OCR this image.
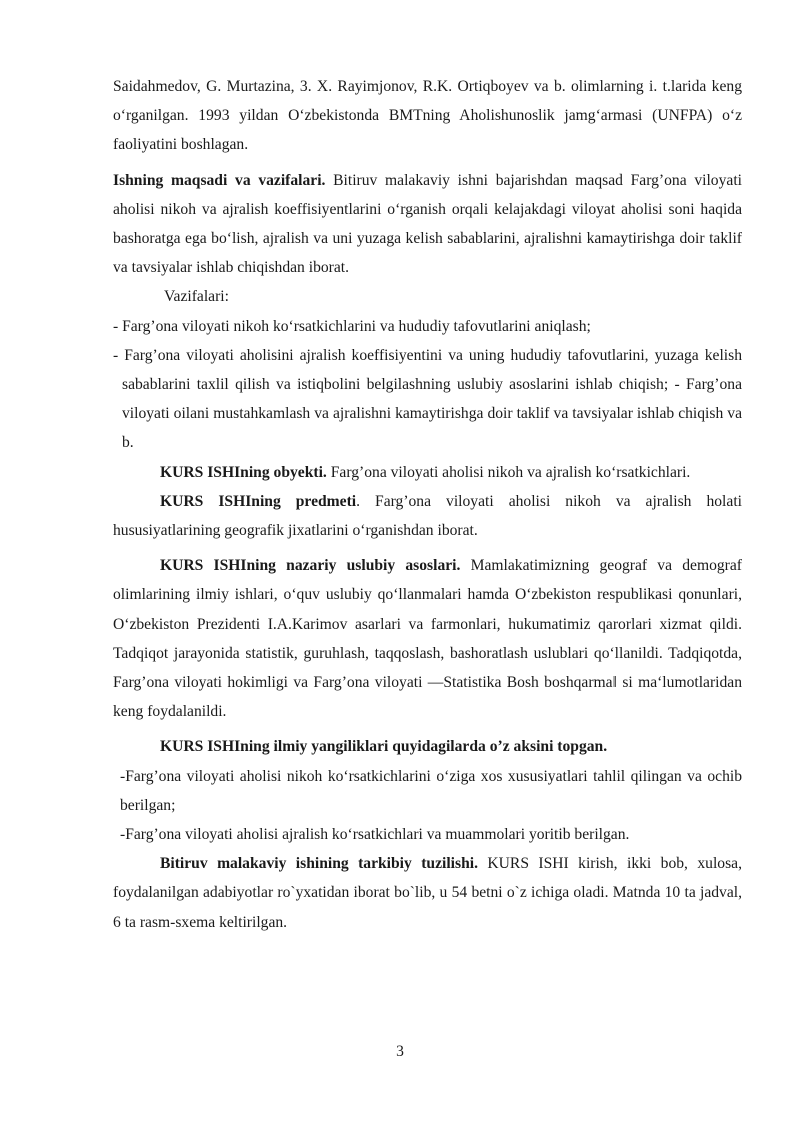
Saidahmedov, G. Murtazina, 3. X. Rayimjonov, R.K. Ortiqboyev va b. olimlarning i. t.larida keng o‘rganilgan. 1993 yildan O‘zbekistonda BMTning Aholishunoslik jamg‘armasi (UNFPA) o‘z faoliyatini boshlagan.

Ishning maqsadi va vazifalari. Bitiruv malakaviy ishni bajarishdan maqsad Farg’ona viloyati aholisi nikoh va ajralish koeffisiyentlarini o‘rganish orqali kelajakdagi viloyat aholisi soni haqida bashoratga ega bo‘lish, ajralish va uni yuzaga kelish sabablarini, ajralishni kamaytirishga doir taklif va tavsiyalar ishlab chiqishdan iborat.

Vazifalari:

- Farg’ona viloyati nikoh ko‘rsatkichlarini va hududiy tafovutlarini aniqlash;

- Farg’ona viloyati aholisini ajralish koeffisiyentini va uning hududiy tafovutlarini, yuzaga kelish sabablarini taxlil qilish va istiqbolini belgilashning uslubiy asoslarini ishlab chiqish; - Farg’ona viloyati oilani mustahkamlash va ajralishni kamaytirishga doir taklif va tavsiyalar ishlab chiqish va b.

KURS ISHIning obyekti. Farg’ona viloyati aholisi nikoh va ajralish ko‘rsatkichlari.

KURS ISHIning predmeti. Farg’ona viloyati aholisi nikoh va ajralish holati hususiyatlarining geografik jixatlarini o‘rganishdan iborat.

KURS ISHIning nazariy uslubiy asoslari. Mamlakatimizning geograf va demograf olimlarining ilmiy ishlari, o‘quv uslubiy qo‘llanmalari hamda O‘zbekiston respublikasi qonunlari, O‘zbekiston Prezidenti I.A.Karimov asarlari va farmonlari, hukumatimiz qarorlari xizmat qildi. Tadqiqot jarayonida statistik, guruhlash, taqqoslash, bashoratlash uslublari qo‘llanildi. Tadqiqotda, Farg’ona viloyati hokimligi va Farg’ona viloyati ―Statistika Bosh boshqarma‖ si ma‘lumotlaridan keng foydalanildi.

KURS ISHIning ilmiy yangiliklari quyidagilarda o’z aksini topgan.

-Farg’ona viloyati aholisi nikoh ko‘rsatkichlarini o‘ziga xos xususiyatlari tahlil qilingan va ochib berilgan;

-Farg’ona viloyati aholisi ajralish ko‘rsatkichlari va muammolari yoritib berilgan.

Bitiruv malakaviy ishining tarkibiy tuzilishi. KURS ISHI kirish, ikki bob, xulosa, foydalanilgan adabiyotlar ro`yxatidan iborat bo`lib, u 54 betni o`z ichiga oladi. Matnda 10 ta jadval, 6 ta rasm-sxema keltirilgan.

3
